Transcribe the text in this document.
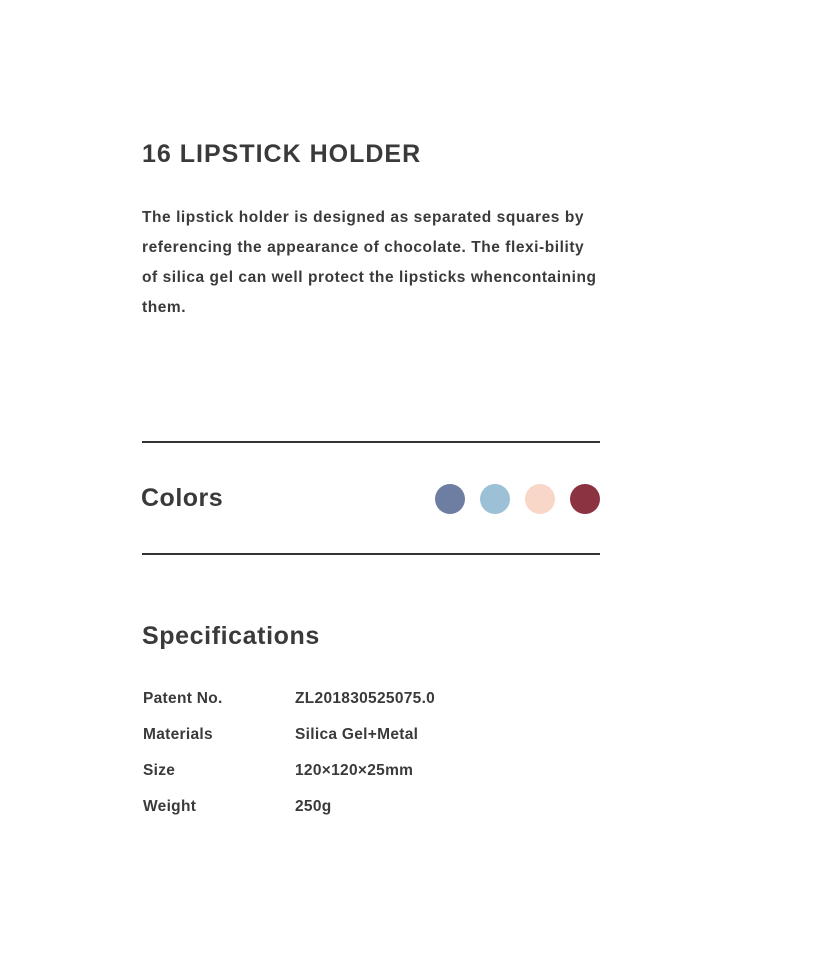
16 LIPSTICK HOLDER

The lipstick holder is designed as separated squares by referencing the appearance of chocolate. The flexi-bility of silica gel can well protect the lipsticks whencontaining them.

Colors
Specifications
Patent No.	ZL201830525075.0
Materials	Silica Gel+Metal
Size	120×120×25mm
Weight	250g
